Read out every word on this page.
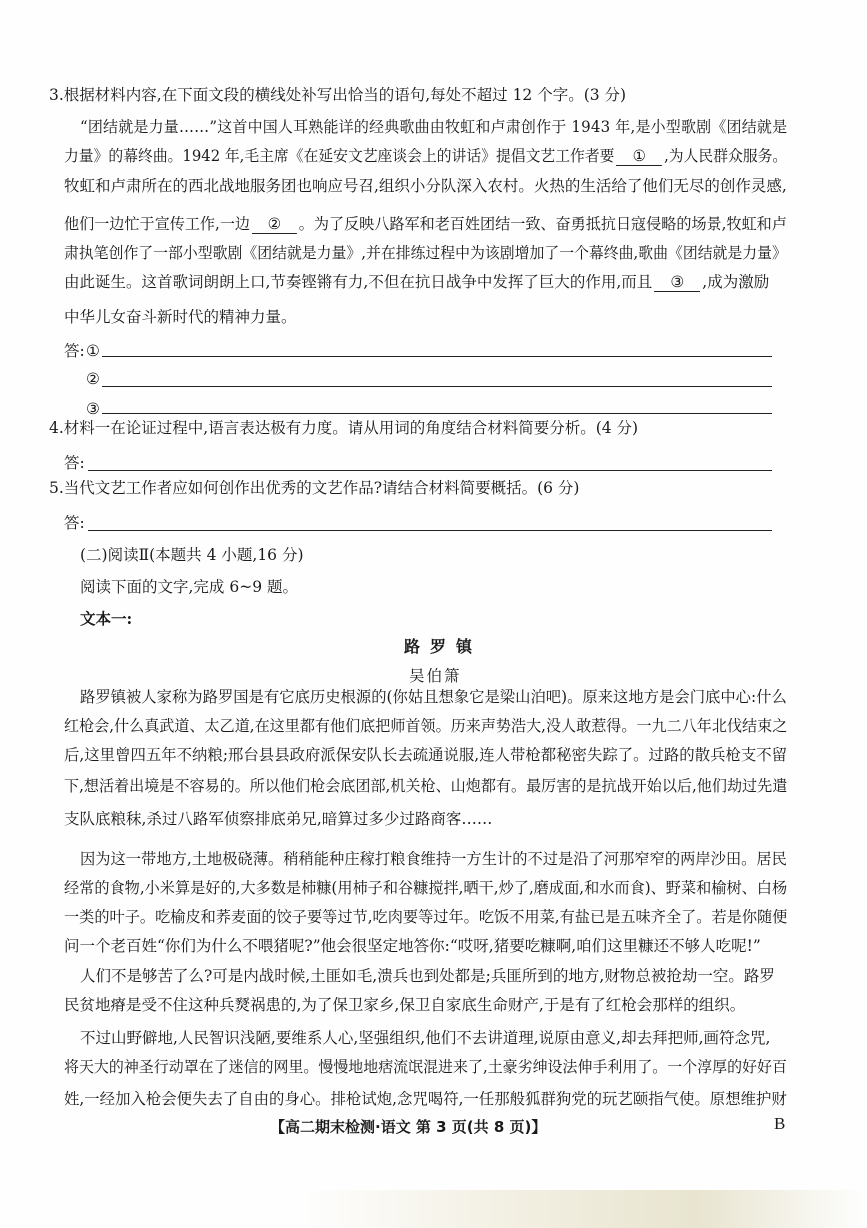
3.根据材料内容,在下面文段的横线处补写出恰当的语句,每处不超过 12 个字。(3 分)
“团结就是力量……”这首中国人耳熟能详的经典歌曲由牧虹和卢肃创作于 1943 年,是小型歌剧《团结就是
力量》的幕终曲。1942 年,毛主席《在延安文艺座谈会上的讲话》提倡文艺工作者要 ① ,为人民群众服务。
牧虹和卢肃所在的西北战地服务团也响应号召,组织小分队深入农村。火热的生活给了他们无尽的创作灵感,
他们一边忙于宣传工作,一边 ② 。为了反映八路军和老百姓团结一致、奋勇抵抗日寇侵略的场景,牧虹和卢
肃执笔创作了一部小型歌剧《团结就是力量》,并在排练过程中为该剧增加了一个幕终曲,歌曲《团结就是力量》
由此诞生。这首歌词朗朗上口,节奏铿锵有力,不但在抗日战争中发挥了巨大的作用,而且 ③ ,成为激励
中华儿女奋斗新时代的精神力量。
答: ①
②
③
4.材料一在论证过程中,语言表达极有力度。请从用词的角度结合材料简要分析。(4 分)
答:
5.当代文艺工作者应如何创作出优秀的文艺作品?请结合材料简要概括。(6 分)
答:
(二)阅读Ⅱ(本题共 4 小题,16 分)
阅读下面的文字,完成 6~9 题。
文本一:
路罗镇
吴伯箫
路罗镇被人家称为路罗国是有它底历史根源的(你姑且想象它是梁山泊吧)。原来这地方是会门底中心:什么
红枪会,什么真武道、太乙道,在这里都有他们底把师首领。历来声势浩大,没人敢惹得。一九二八年北伐结束之
后,这里曾四五年不纳粮;邢台县县政府派保安队长去疏通说服,连人带枪都秘密失踪了。过路的散兵枪支不留
下,想活着出境是不容易的。所以他们枪会底团部,机关枪、山炮都有。最厉害的是抗战开始以后,他们劫过先遣
支队底粮秣,杀过八路军侦察排底弟兄,暗算过多少过路商客……
因为这一带地方,土地极硗薄。稍稍能种庄稼打粮食维持一方生计的不过是沿了河那窄窄的两岸沙田。居民
经常的食物,小米算是好的,大多数是杮糠(用杮子和谷糠搅拌,晒干,炒了,磨成面,和水而食)、野菜和榆树、白杨
一类的叶子。吃榆皮和荞麦面的饺子要等过节,吃肉要等过年。吃饭不用菜,有盐已是五味齐全了。若是你随便
问一个老百姓“你们为什么不喂猪呢?”他会很坚定地答你:“哎呀,猪要吃糠啊,咱们这里糠还不够人吃呢!”
人们不是够苦了么?可是内战时候,土匪如毛,溃兵也到处都是;兵匪所到的地方,财物总被抢劫一空。路罗
民贫地瘠是受不住这种兵燹祸患的,为了保卫家乡,保卫自家底生命财产,于是有了红枪会那样的组织。
不过山野僻地,人民智识浅陋,要维系人心,坚强组织,他们不去讲道理,说原由意义,却去拜把师,画符念咒,
将天大的神圣行动罩在了迷信的网里。慢慢地地痞流氓混进来了,土豪劣绅设法伸手利用了。一个淳厚的好好百
姓,一经加入枪会便失去了自由的身心。排枪试炮,念咒喝符,一任那般狐群狗党的玩艺颐指气使。原想维护财
【高二期末检测·语文 第 3 页(共 8 页)】	B
